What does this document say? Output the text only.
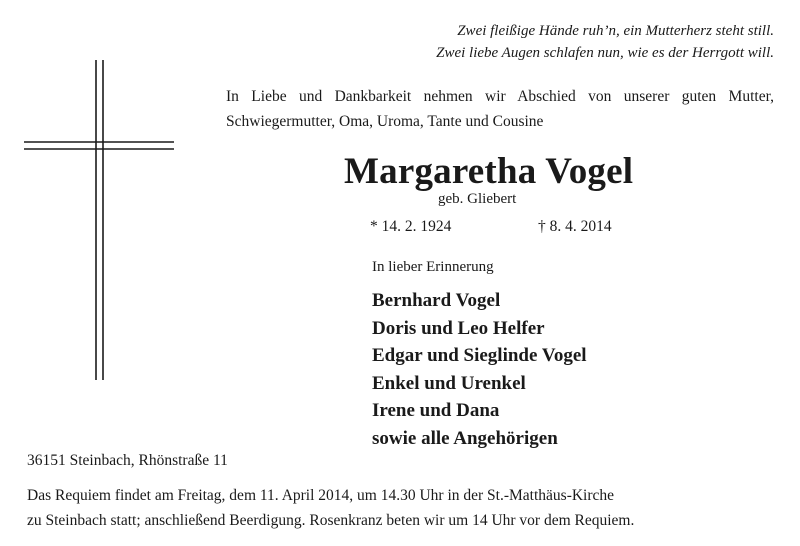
Zwei fleißige Hände ruh’n, ein Mutterherz steht still.
Zwei liebe Augen schlafen nun, wie es der Herrgott will.

In Liebe und Dankbarkeit nehmen wir Abschied von unserer guten Mutter, Schwiegermutter, Oma, Uroma, Tante und Cousine

Margaretha Vogel
geb. Gliebert
* 14. 2. 1924	† 8. 4. 2014
In lieber Erinnerung
Bernhard Vogel
Doris und Leo Helfer
Edgar und Sieglinde Vogel
Enkel und Urenkel
Irene und Dana
sowie alle Angehörigen
36151 Steinbach, Rhönstraße 11
Das Requiem findet am Freitag, dem 11. April 2014, um 14.30 Uhr in der St.-Matthäus-Kirche
zu Steinbach statt; anschließend Beerdigung. Rosenkranz beten wir um 14 Uhr vor dem Requiem.
